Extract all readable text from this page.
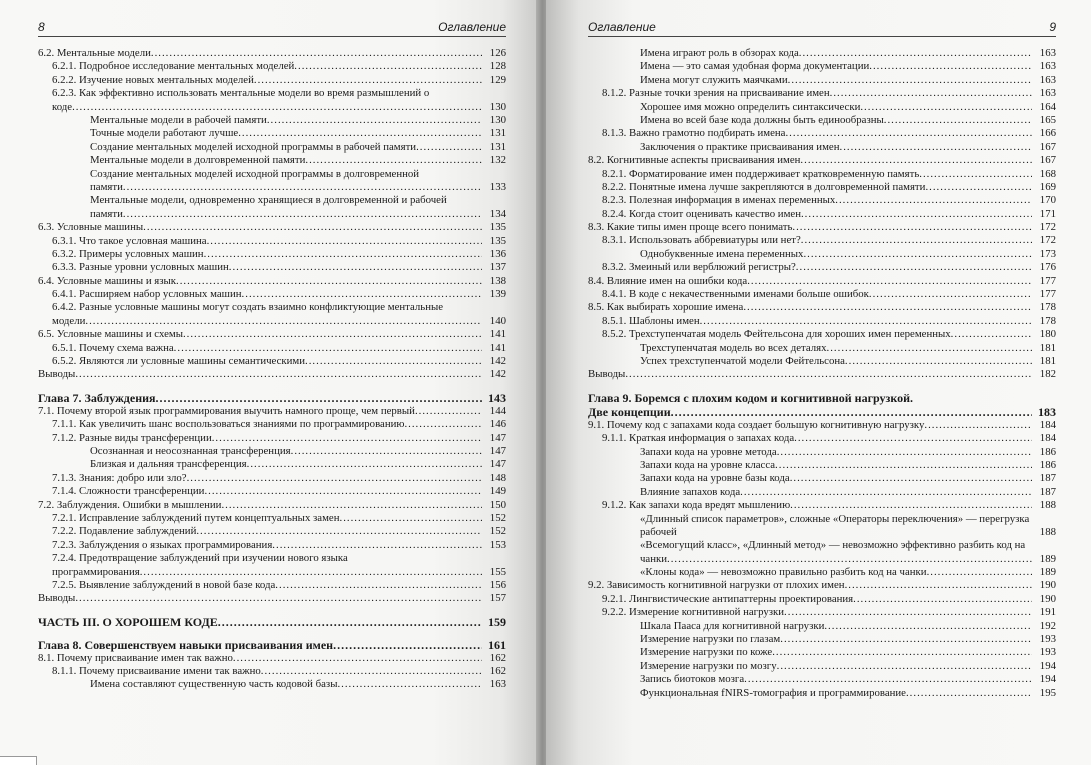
8	Оглавление
6.2. Ментальные модели .....	126
6.2.1. Подробное исследование ментальных моделей .....	128
6.2.2. Изучение новых ментальных моделей .....	129
6.2.3. Как эффективно использовать ментальные модели во время размышлений о коде .....	130
Ментальные модели в рабочей памяти .....	130
Точные модели работают лучше .....	131
Создание ментальных моделей исходной программы в рабочей памяти .....	131
Ментальные модели в долговременной памяти .....	132
Создание ментальных моделей исходной программы в долговременной памяти .....	133
Ментальные модели, одновременно хранящиеся в долговременной и рабочей памяти .....	134
6.3. Условные машины .....	135
6.3.1. Что такое условная машина .....	135
6.3.2. Примеры условных машин .....	136
6.3.3. Разные уровни условных машин .....	137
6.4. Условные машины и язык .....	138
6.4.1. Расширяем набор условных машин .....	139
6.4.2. Разные условные машины могут создать взаимно конфликтующие ментальные модели .....	140
6.5. Условные машины и схемы .....	141
6.5.1. Почему схема важна .....	141
6.5.2. Являются ли условные машины семантическими .....	142
Выводы .....	142
Глава 7. Заблуждения .....	143
7.1. Почему второй язык программирования выучить намного проще, чем первый .....	144
7.1.1. Как увеличить шанс воспользоваться знаниями по программированию .....	146
7.1.2. Разные виды трансференции .....	147
Осознанная и неосознанная трансференция .....	147
Близкая и дальняя трансференция .....	147
7.1.3. Знания: добро или зло? .....	148
7.1.4. Сложности трансференции .....	149
7.2. Заблуждения. Ошибки в мышлении .....	150
7.2.1. Исправление заблуждений путем концептуальных замен .....	152
7.2.2. Подавление заблуждений .....	152
7.2.3. Заблуждения о языках программирования .....	153
7.2.4. Предотвращение заблуждений при изучении нового языка программирования .....	155
7.2.5. Выявление заблуждений в новой базе кода .....	156
Выводы .....	157
ЧАСТЬ III. О ХОРОШЕМ КОДЕ .....	159
Глава 8. Совершенствуем навыки присваивания имен .....	161
8.1. Почему присваивание имен так важно .....	162
8.1.1. Почему присваивание имени так важно .....	162
Имена составляют существенную часть кодовой базы .....	163
Оглавление	9
Имена играют роль в обзорах кода .....	163
Имена — это самая удобная форма документации .....	163
Имена могут служить маячками .....	163
8.1.2. Разные точки зрения на присваивание имен .....	163
Хорошее имя можно определить синтаксически .....	164
Имена во всей базе кода должны быть единообразны .....	165
8.1.3. Важно грамотно подбирать имена .....	166
Заключения о практике присваивания имен .....	167
8.2. Когнитивные аспекты присваивания имен .....	167
8.2.1. Форматирование имен поддерживает кратковременную память .....	168
8.2.2. Понятные имена лучше закрепляются в долговременной памяти .....	169
8.2.3. Полезная информация в именах переменных .....	170
8.2.4. Когда стоит оценивать качество имен .....	171
8.3. Какие типы имен проще всего понимать .....	172
8.3.1. Использовать аббревиатуры или нет? .....	172
Однобуквенные имена переменных .....	173
8.3.2. Змеиный или верблюжий регистры? .....	176
8.4. Влияние имен на ошибки кода .....	177
8.4.1. В коде с некачественными именами больше ошибок .....	177
8.5. Как выбирать хорошие имена .....	178
8.5.1. Шаблоны имен .....	178
8.5.2. Трехступенчатая модель Фейтельсона для хороших имен переменных .....	180
Трехступенчатая модель во всех деталях .....	181
Успех трехступенчатой модели Фейтельсона .....	181
Выводы .....	182
Глава 9. Боремся с плохим кодом и когнитивной нагрузкой.
Две концепции .....	183
9.1. Почему код с запахами кода создает большую когнитивную нагрузку .....	184
9.1.1. Краткая информация о запахах кода .....	184
Запахи кода на уровне метода .....	186
Запахи кода на уровне класса .....	186
Запахи кода на уровне базы кода .....	187
Влияние запахов кода .....	187
9.1.2. Как запахи кода вредят мышлению .....	188
«Длинный список параметров», сложные «Операторы переключения» — перегрузка рабочей .....	188
«Всемогущий класс», «Длинный метод» — невозможно эффективно разбить код на чанки .....	189
«Клоны кода» — невозможно правильно разбить код на чанки .....	189
9.2. Зависимость когнитивной нагрузки от плохих имен .....	190
9.2.1. Лингвистические антипаттерны проектирования .....	190
9.2.2. Измерение когнитивной нагрузки .....	191
Шкала Пааса для когнитивной нагрузки .....	192
Измерение нагрузки по глазам .....	193
Измерение нагрузки по коже .....	193
Измерение нагрузки по мозгу .....	194
Запись биотоков мозга .....	194
Функциональная fNIRS-томография и программирование .....	195
